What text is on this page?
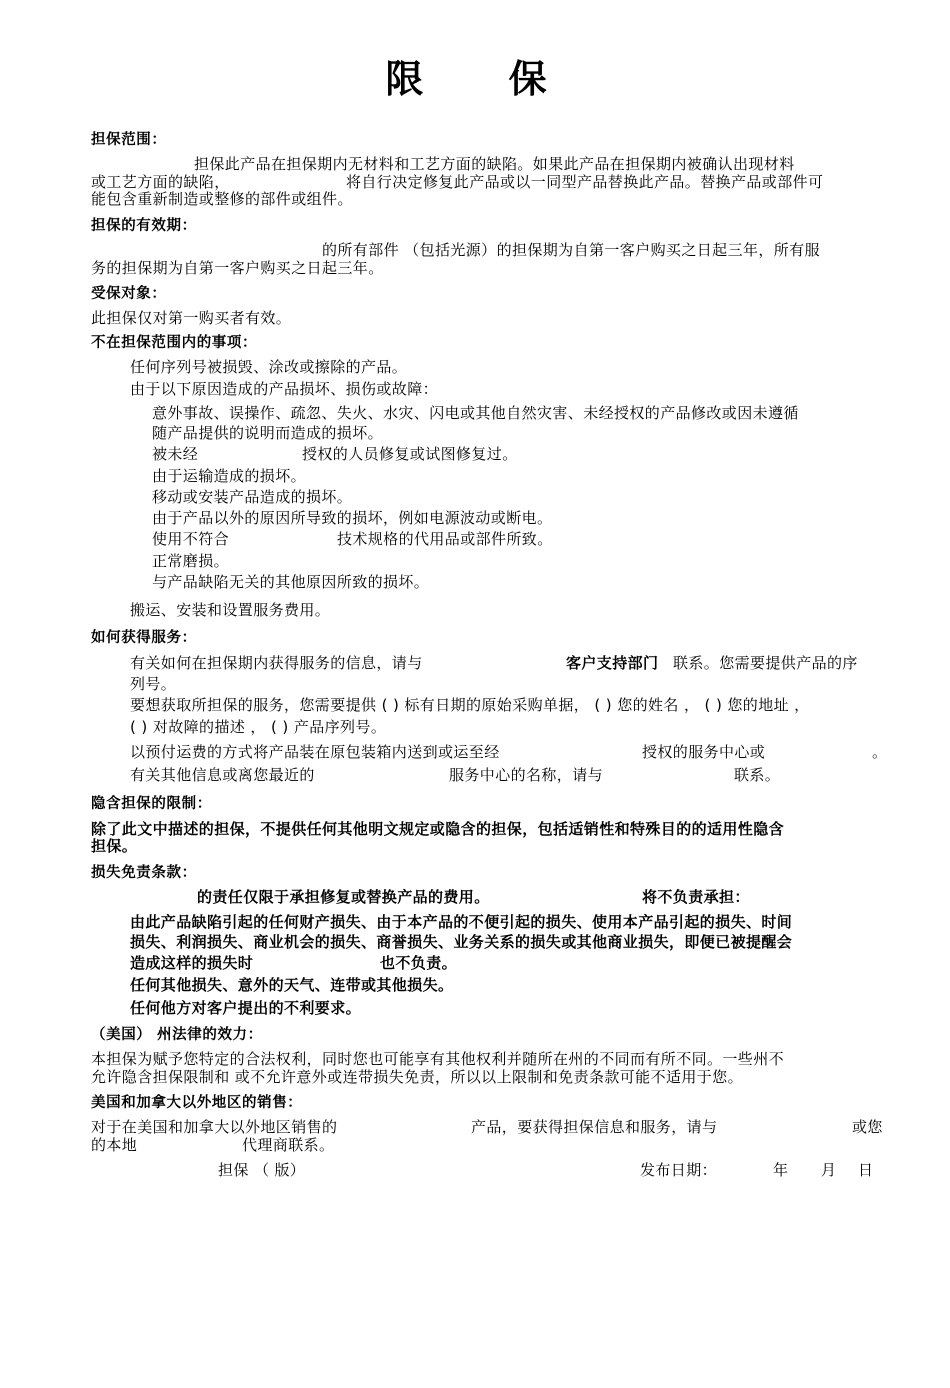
限 保
担保范围：
担保此产品在担保期内无材料和工艺方面的缺陷。如果此产品在担保期内被确认出现材料
或工艺方面的缺陷，	将自行决定修复此产品或以一同型产品替换此产品。替换产品或部件可
能包含重新制造或整修的部件或组件。
担保的有效期：
的所有部件 （包括光源）的担保期为自第一客户购买之日起三年，所有服
务的担保期为自第一客户购买之日起三年。
受保对象：
此担保仅对第一购买者有效。
不在担保范围内的事项：
任何序列号被损毁、涂改或擦除的产品。
由于以下原因造成的产品损坏、损伤或故障：
意外事故、误操作、疏忽、失火、水灾、闪电或其他自然灾害、未经授权的产品修改或因未遵循
随产品提供的说明而造成的损坏。
被未经	授权的人员修复或试图修复过。
由于运输造成的损坏。
移动或安装产品造成的损坏。
由于产品以外的原因所导致的损坏，例如电源波动或断电。
使用不符合	技术规格的代用品或部件所致。
正常磨损。
与产品缺陷无关的其他原因所致的损坏。
搬运、安装和设置服务费用。
如何获得服务：
有关如何在担保期内获得服务的信息，请与	客户支持部门 联系。您需要提供产品的序
列号。
要想获取所担保的服务，您需要提供 ( ) 标有日期的原始采购单据， ( ) 您的姓名 ， ( ) 您的地址 ，
( ) 对故障的描述 ， ( ) 产品序列号。
以预付运费的方式将产品装在原包装箱内送到或运至经	授权的服务中心或	。
有关其他信息或离您最近的	服务中心的名称，请与	联系。
隐含担保的限制：
除了此文中描述的担保，不提供任何其他明文规定或隐含的担保，包括适销性和特殊目的的适用性隐含
担保。
损失免责条款：
的责任仅限于承担修复或替换产品的费用。	将不负责承担：
由此产品缺陷引起的任何财产损失、由于本产品的不便引起的损失、使用本产品引起的损失、时间
损失、利润损失、商业机会的损失、商誉损失、业务关系的损失或其他商业损失，即便已被提醒会
造成这样的损失时	也不负责。
任何其他损失、意外的天气、连带或其他损失。
任何他方对客户提出的不利要求。
（美国） 州法律的效力：
本担保为赋予您特定的合法权利，同时您也可能享有其他权利并随所在州的不同而有所不同。一些州不
允许隐含担保限制和 或不允许意外或连带损失免责，所以以上限制和免责条款可能不适用于您。
美国和加拿大以外地区的销售：
对于在美国和加拿大以外地区销售的	产品，要获得担保信息和服务，请与	或您
的本地	代理商联系。
担保 （ 版）	发布日期：	年 月 日
